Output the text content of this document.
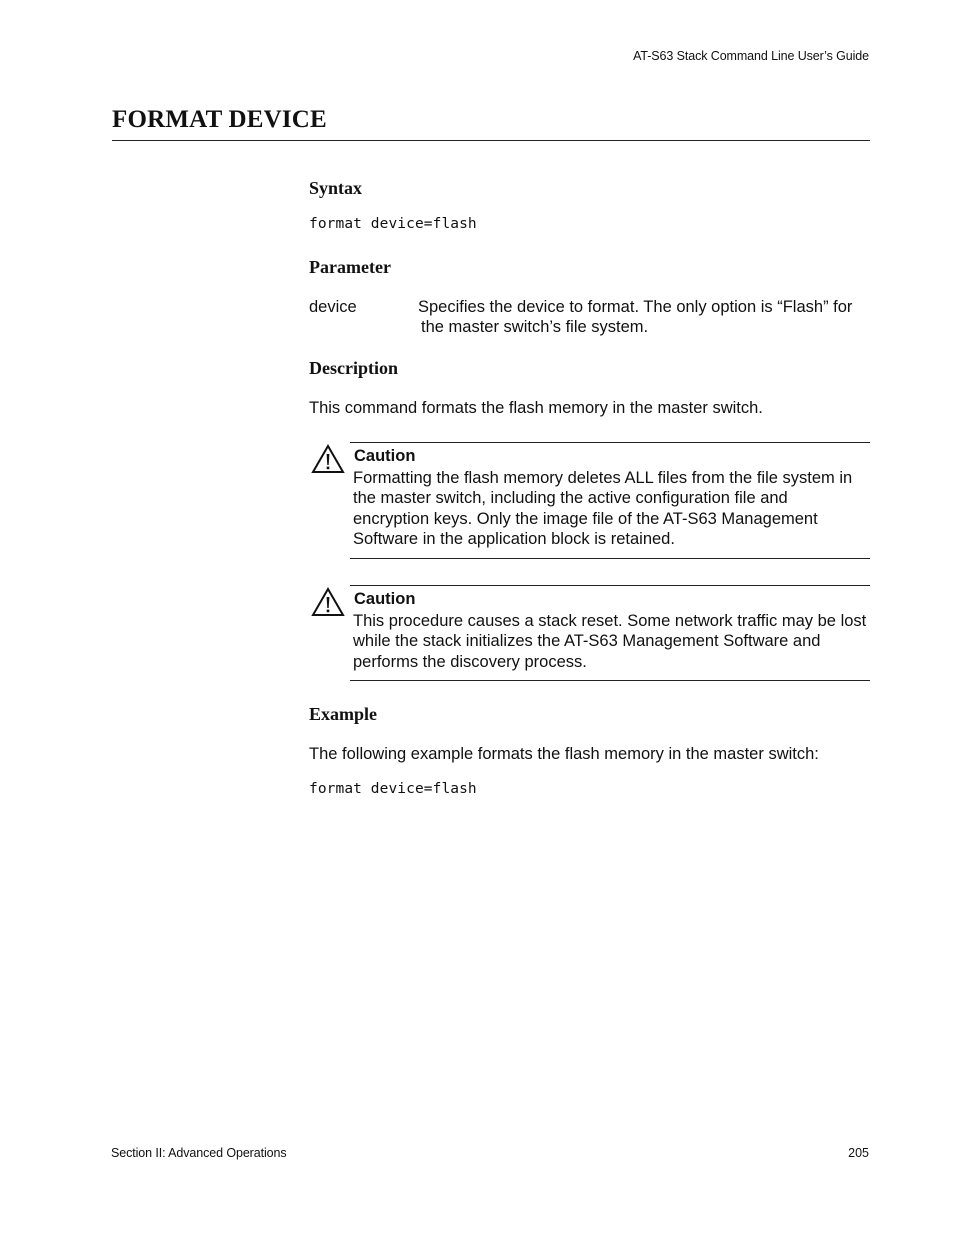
AT-S63 Stack Command Line User’s Guide
FORMAT DEVICE
Syntax

format device=flash

Parameter
device	Specifies the device to format. The only option is “Flash” for
the master switch’s file system.
Description

This command formats the flash memory in the master switch.

Caution

Formatting the flash memory deletes ALL files from the file system in the master switch, including the active configuration file and encryption keys. Only the image file of the AT-S63 Management Software in the application block is retained.

Caution

This procedure causes a stack reset. Some network traffic may be lost while the stack initializes the AT-S63 Management Software and performs the discovery process.

Example

The following example formats the flash memory in the master switch:

format device=flash

Section II: Advanced Operations	205
